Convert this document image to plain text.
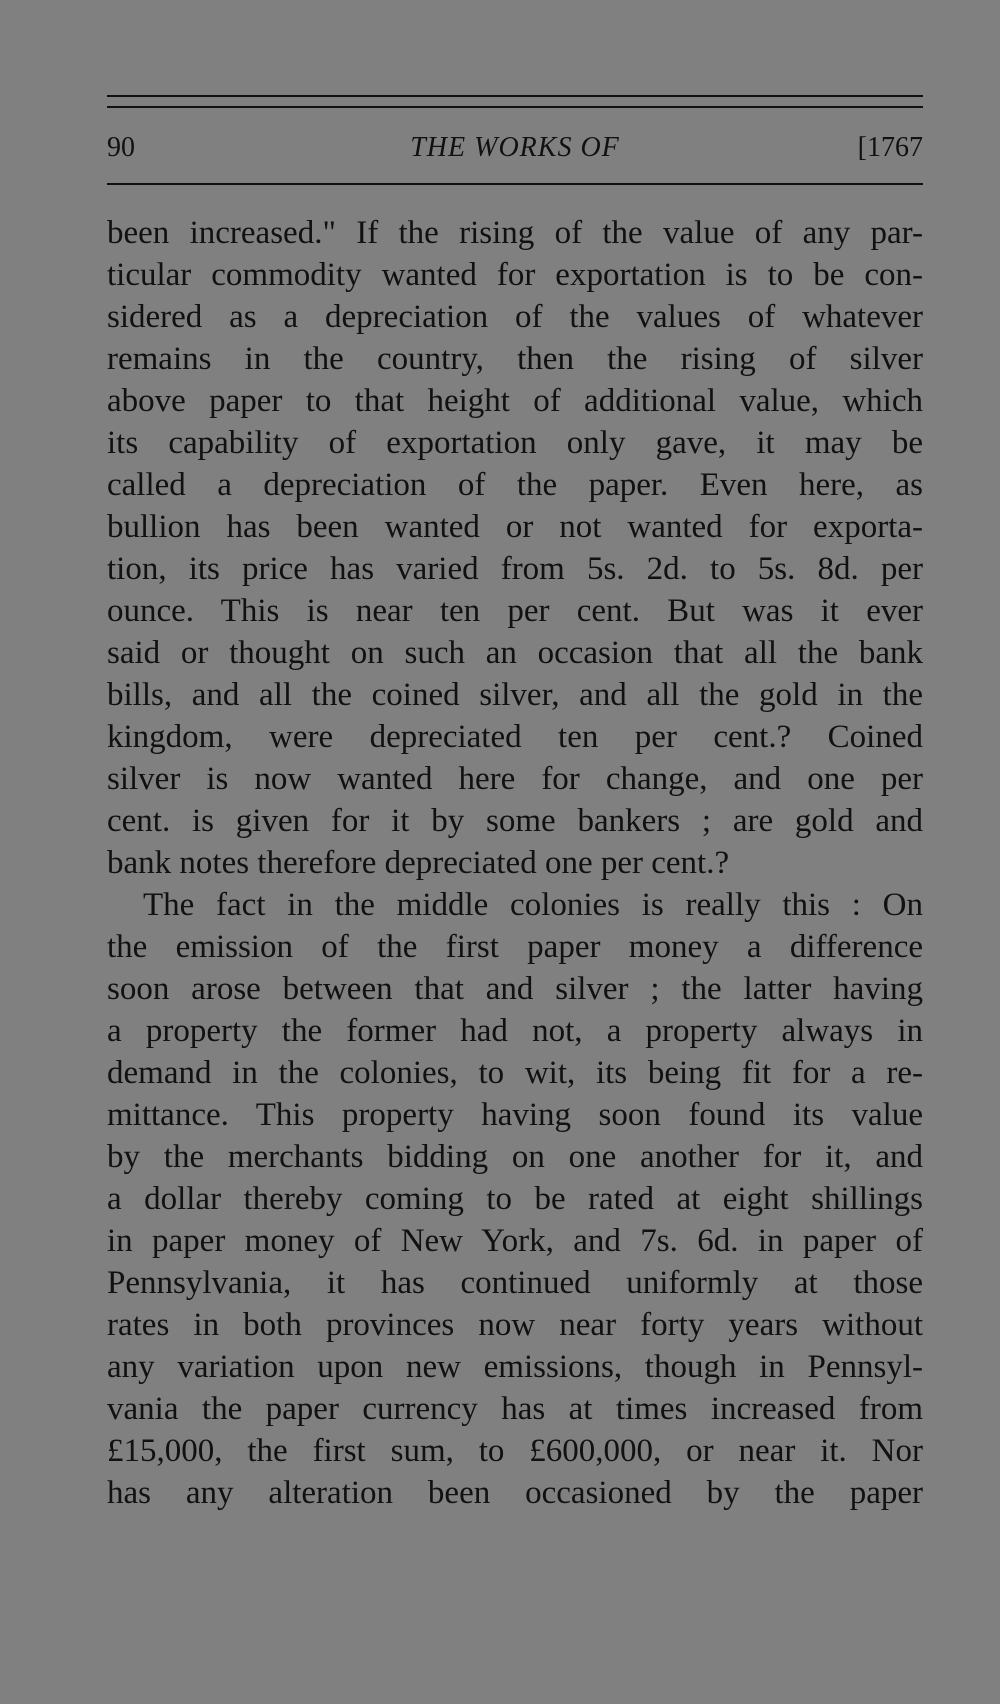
90	THE WORKS OF	[1767
been increased." If the rising of the value of any par-
ticular commodity wanted for exportation is to be con-
sidered as a depreciation of the values of whatever
remains in the country, then the rising of silver
above paper to that height of additional value, which
its capability of exportation only gave, it may be
called a depreciation of the paper. Even here, as
bullion has been wanted or not wanted for exporta-
tion, its price has varied from 5s. 2d. to 5s. 8d. per
ounce. This is near ten per cent. But was it ever
said or thought on such an occasion that all the bank
bills, and all the coined silver, and all the gold in the
kingdom, were depreciated ten per cent.? Coined
silver is now wanted here for change, and one per
cent. is given for it by some bankers ; are gold and
bank notes therefore depreciated one per cent.?
The fact in the middle colonies is really this : On
the emission of the first paper money a difference
soon arose between that and silver ; the latter having
a property the former had not, a property always in
demand in the colonies, to wit, its being fit for a re-
mittance. This property having soon found its value
by the merchants bidding on one another for it, and
a dollar thereby coming to be rated at eight shillings
in paper money of New York, and 7s. 6d. in paper of
Pennsylvania, it has continued uniformly at those
rates in both provinces now near forty years without
any variation upon new emissions, though in Pennsyl-
vania the paper currency has at times increased from
£15,000, the first sum, to £600,000, or near it. Nor
has any alteration been occasioned by the paper
